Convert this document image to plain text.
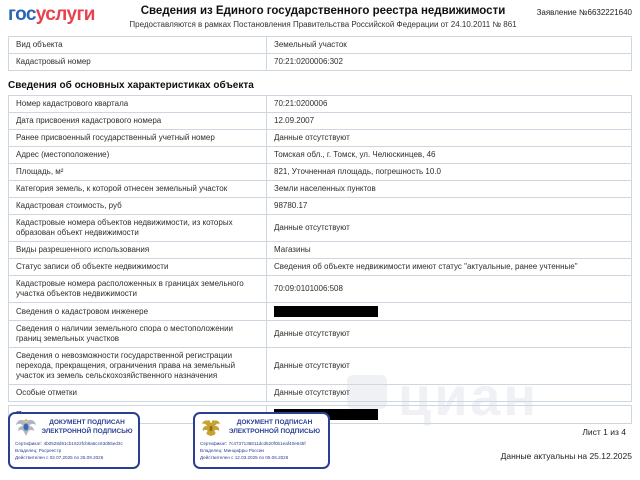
госуслуги	Сведения из Единого государственного реестра недвижимости
Предоставляются в рамках Постановления Правительства Российской Федерации от 24.10.2011 № 861
Заявление №6632221640
Вид объекта	Земельный участок
Кадастровый номер	70:21:0200006:302
Сведения об основных характеристиках объекта
Номер кадастрового квартала	70:21:0200006
Дата присвоения кадастрового номера	12.09.2007
Ранее присвоенный государственный учетный номер	Данные отсутствуют
Адрес (местоположение)	Томская обл., г. Томск, ул. Челюскинцев, 46
Площадь, м²	821, Уточненная площадь, погрешность 10.0
Категория земель, к которой отнесен земельный участок	Земли населенных пунктов
Кадастровая стоимость, руб	98780.17
Кадастровые номера объектов недвижимости, из которых образован объект недвижимости	Данные отсутствуют
Виды разрешенного использования	Магазины
Статус записи об объекте недвижимости	Сведения об объекте недвижимости имеют статус "актуальные, ранее учтенные"
Кадастровые номера расположенных в границах земельного участка объектов недвижимости	70:09:0101006:508
Сведения о кадастровом инженере	

Сведения о наличии земельного спора о местоположении границ земельных участков	Данные отсутствуют
Сведения о невозможности государственной регистрации перехода, прекращения, ограничения права на земельный участок из земель сельскохозяйственного назначения	Данные отсутствуют
Особые отметки	Данные отсутствуют
	циан
ДОКУМЕНТ ПОДПИСАН ЭЛЕКТРОННОЙ ПОДПИСЬЮ
Сертификат: 4b0528d61cb1622fcb6a6cc63d55ed3c
Владелец: Росреестр
Действителен с 02.07.2025 по 25.09.2026
ДОКУМЕНТ ПОДПИСАН ЭЛЕКТРОННОЙ ПОДПИСЬЮ
Сертификат: 7c4737136811dcd520f0b1eaf40e645f
Владелец: Минцифры России
Действителен с 12.03.2025 по 05.06.2026
Лист 1 из 4
Данные актуальны на 25.12.2025
